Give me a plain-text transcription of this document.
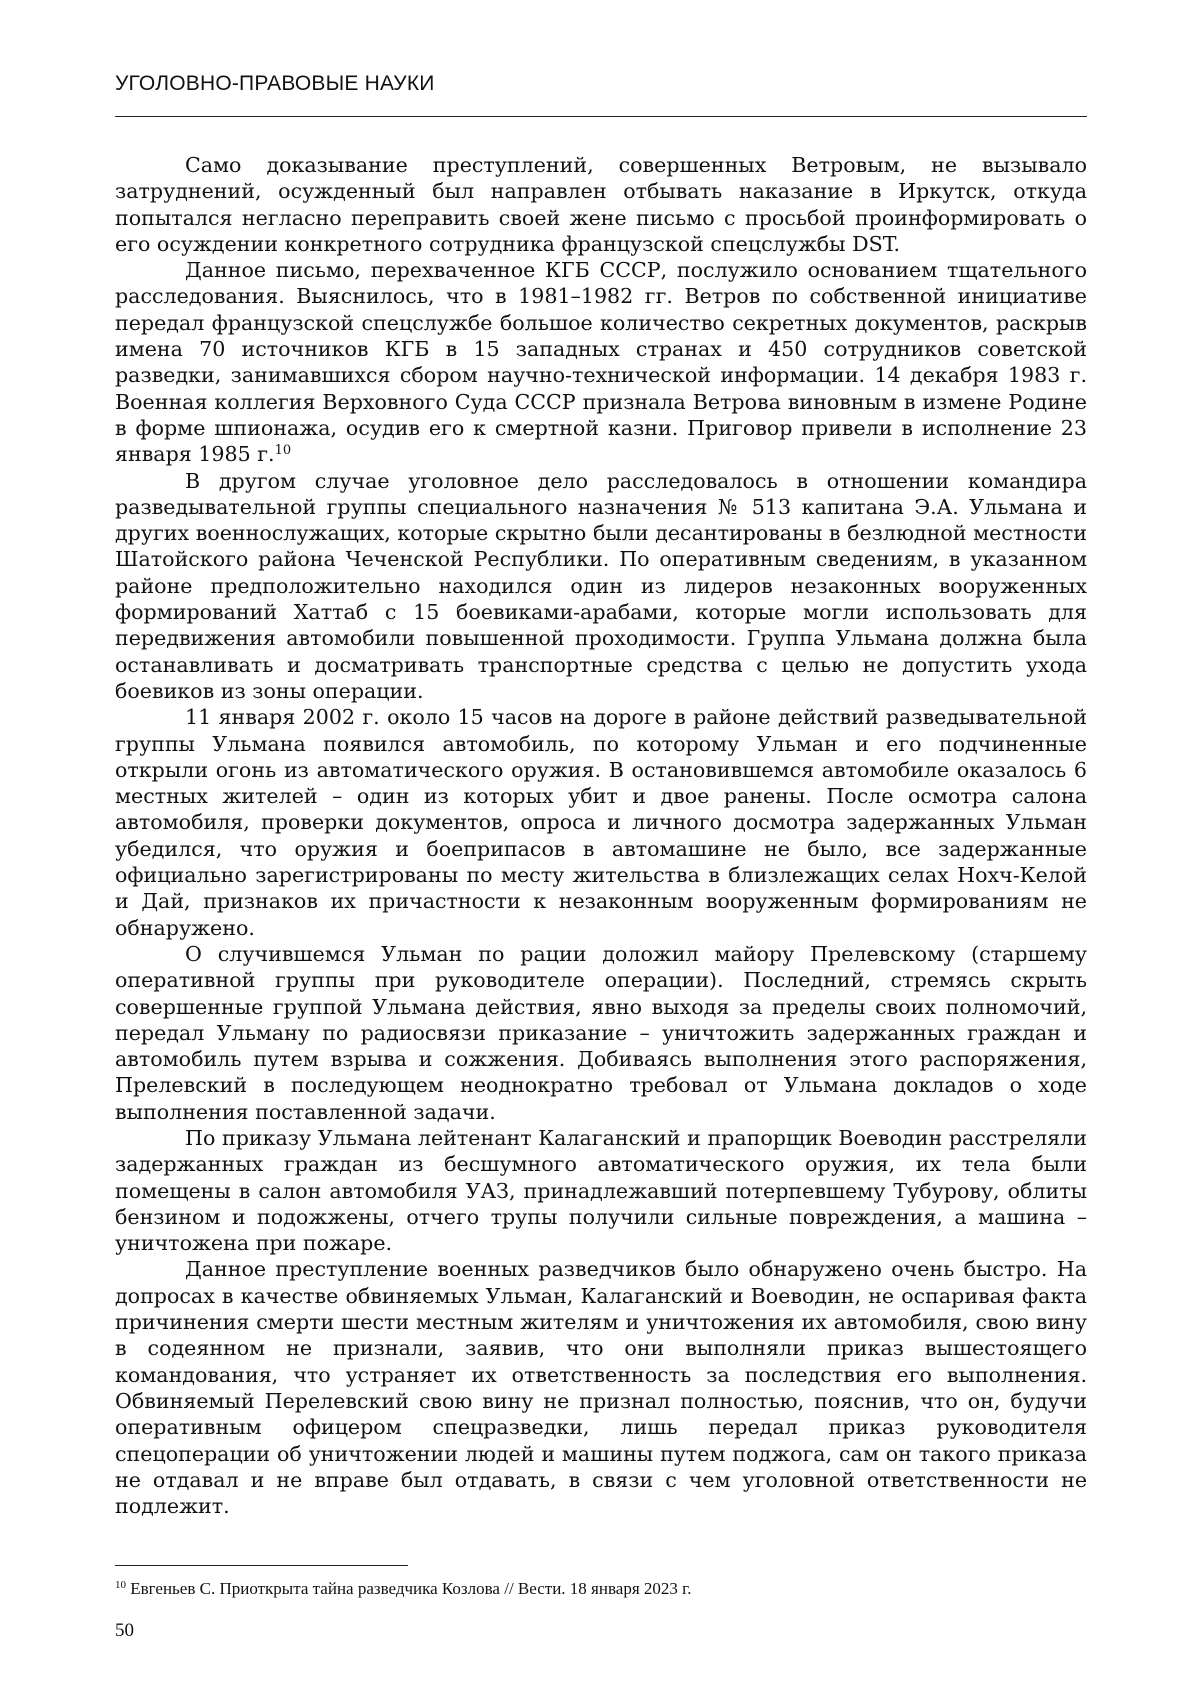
УГОЛОВНО-ПРАВОВЫЕ НАУКИ

Само доказывание преступлений, совершенных Ветровым, не вызывало затруднений, осужденный был направлен отбывать наказание в Иркутск, откуда попытался негласно переправить своей жене письмо с просьбой проинформировать о его осуждении конкретного сотрудника французской спецслужбы DST.

Данное письмо, перехваченное КГБ СССР, послужило основанием тщательного расследования. Выяснилось, что в 1981–1982 гг. Ветров по собственной инициативе передал французской спецслужбе большое количество секретных документов, раскрыв имена 70 источников КГБ в 15 западных странах и 450 сотрудников советской разведки, занимавшихся сбором научно-технической информации. 14 декабря 1983 г. Военная коллегия Верховного Суда СССР признала Ветрова виновным в измене Родине в форме шпионажа, осудив его к смертной казни. Приговор привели в исполнение 23 января 1985 г.$^{10}$

В другом случае уголовное дело расследовалось в отношении командира разведывательной группы специального назначения № 513 капитана Э.А. Ульмана и других военнослужащих, которые скрытно были десантированы в безлюдной местности Шатойского района Чеченской Республики. По оперативным сведениям, в указанном районе предположительно находился один из лидеров незаконных вооруженных формирований Хаттаб с 15 боевиками-арабами, которые могли использовать для передвижения автомобили повышенной проходимости. Группа Ульмана должна была останавливать и досматривать транспортные средства с целью не допустить ухода боевиков из зоны операции.

11 января 2002 г. около 15 часов на дороге в районе действий разведывательной группы Ульмана появился автомобиль, по которому Ульман и его подчиненные открыли огонь из автоматического оружия. В остановившемся автомобиле оказалось 6 местных жителей – один из которых убит и двое ранены. После осмотра салона автомобиля, проверки документов, опроса и личного досмотра задержанных Ульман убедился, что оружия и боеприпасов в автомашине не было, все задержанные официально зарегистрированы по месту жительства в близлежащих селах Нохч-Келой и Дай, признаков их причастности к незаконным вооруженным формированиям не обнаружено.

О случившемся Ульман по рации доложил майору Прелевскому (старшему оперативной группы при руководителе операции). Последний, стремясь скрыть совершенные группой Ульмана действия, явно выходя за пределы своих полномочий, передал Ульману по радиосвязи приказание – уничтожить задержанных граждан и автомобиль путем взрыва и сожжения. Добиваясь выполнения этого распоряжения, Прелевский в последующем неоднократно требовал от Ульмана докладов о ходе выполнения поставленной задачи.

По приказу Ульмана лейтенант Калаганский и прапорщик Воеводин расстреляли задержанных граждан из бесшумного автоматического оружия, их тела были помещены в салон автомобиля УАЗ, принадлежавший потерпевшему Тубурову, облиты бензином и подожжены, отчего трупы получили сильные повреждения, а машина – уничтожена при пожаре.

Данное преступление военных разведчиков было обнаружено очень быстро. На допросах в качестве обвиняемых Ульман, Калаганский и Воеводин, не оспаривая факта причинения смерти шести местным жителям и уничтожения их автомобиля, свою вину в содеянном не признали, заявив, что они выполняли приказ вышестоящего командования, что устраняет их ответственность за последствия его выполнения. Обвиняемый Перелевский свою вину не признал полностью, пояснив, что он, будучи оперативным офицером спецразведки, лишь передал приказ руководителя спецоперации об уничтожении людей и машины путем поджога, сам он такого приказа не отдавал и не вправе был отдавать, в связи с чем уголовной ответственности не подлежит.

$^{10}$ Евгеньев С. Приоткрыта тайна разведчика Козлова // Вести. 18 января 2023 г.
50
